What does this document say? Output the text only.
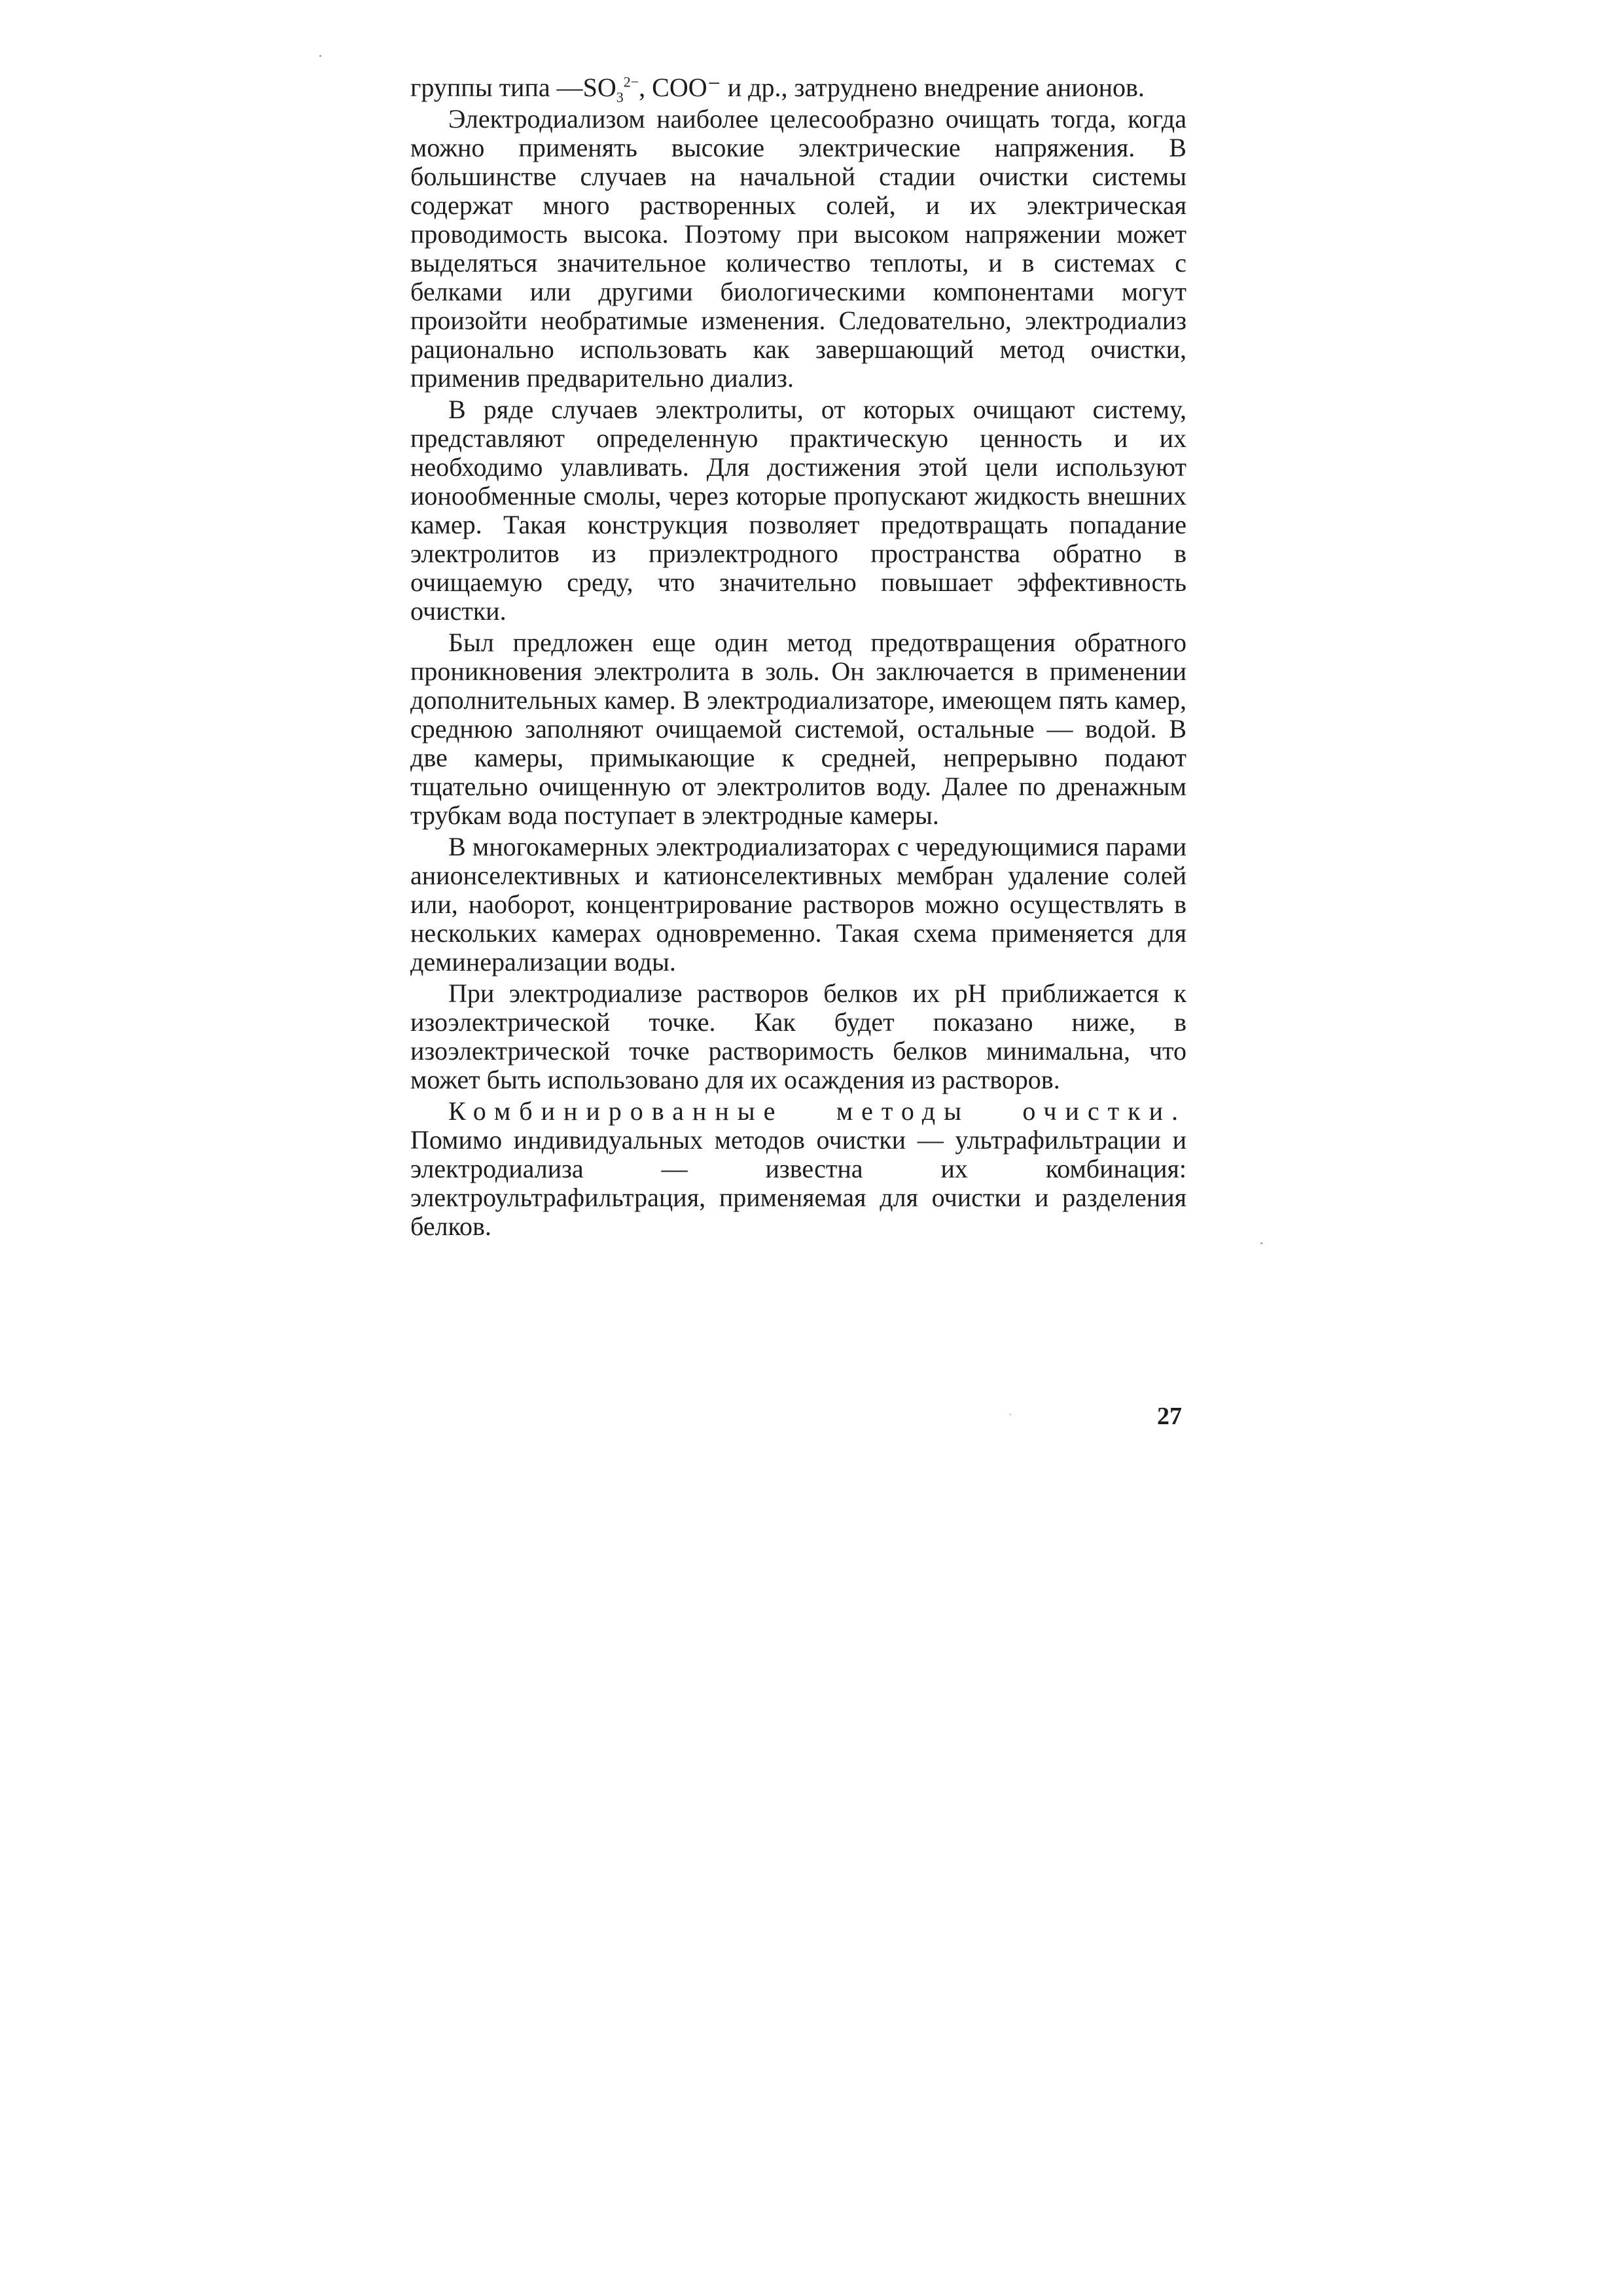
группы типа $—SO_3^{2-}$, COO⁻ и др., затруднено внедрение анионов.

Электродиализом наиболее целесообразно очищать тогда, когда можно применять высокие электрические напряжения. В большинстве случаев на начальной стадии очистки системы содержат много растворенных солей, и их электрическая проводимость высока. Поэтому при высоком напряжении может выделяться значительное количество теплоты, и в системах с белками или другими биологическими компонентами могут произойти необратимые изменения. Следовательно, электродиализ рационально использовать как завершающий метод очистки, применив предварительно диализ.

В ряде случаев электролиты, от которых очищают систему, представляют определенную практическую ценность и их необходимо улавливать. Для достижения этой цели используют ионообменные смолы, через которые пропускают жидкость внешних камер. Такая конструкция позволяет предотвращать попадание электролитов из приэлектродного пространства обратно в очищаемую среду, что значительно повышает эффективность очистки.

Был предложен еще один метод предотвращения обратного проникновения электролита в золь. Он заключается в применении дополнительных камер. В электродиализаторе, имеющем пять камер, среднюю заполняют очищаемой системой, остальные — водой. В две камеры, примыкающие к средней, непрерывно подают тщательно очищенную от электролитов воду. Далее по дренажным трубкам вода поступает в электродные камеры.

В многокамерных электродиализаторах с чередующимися парами анионселективных и катионселективных мембран удаление солей или, наоборот, концентрирование растворов можно осуществлять в нескольких камерах одновременно. Такая схема применяется для деминерализации воды.

При электродиализе растворов белков их pH приближается к изоэлектрической точке. Как будет показано ниже, в изоэлектрической точке растворимость белков минимальна, что может быть использовано для их осаждения из растворов.

Комбинированные методы очистки. Помимо индивидуальных методов очистки — ультрафильтрации и электродиализа — известна их комбинация: электроультрафильтрация, применяемая для очистки и разделения белков.

27
